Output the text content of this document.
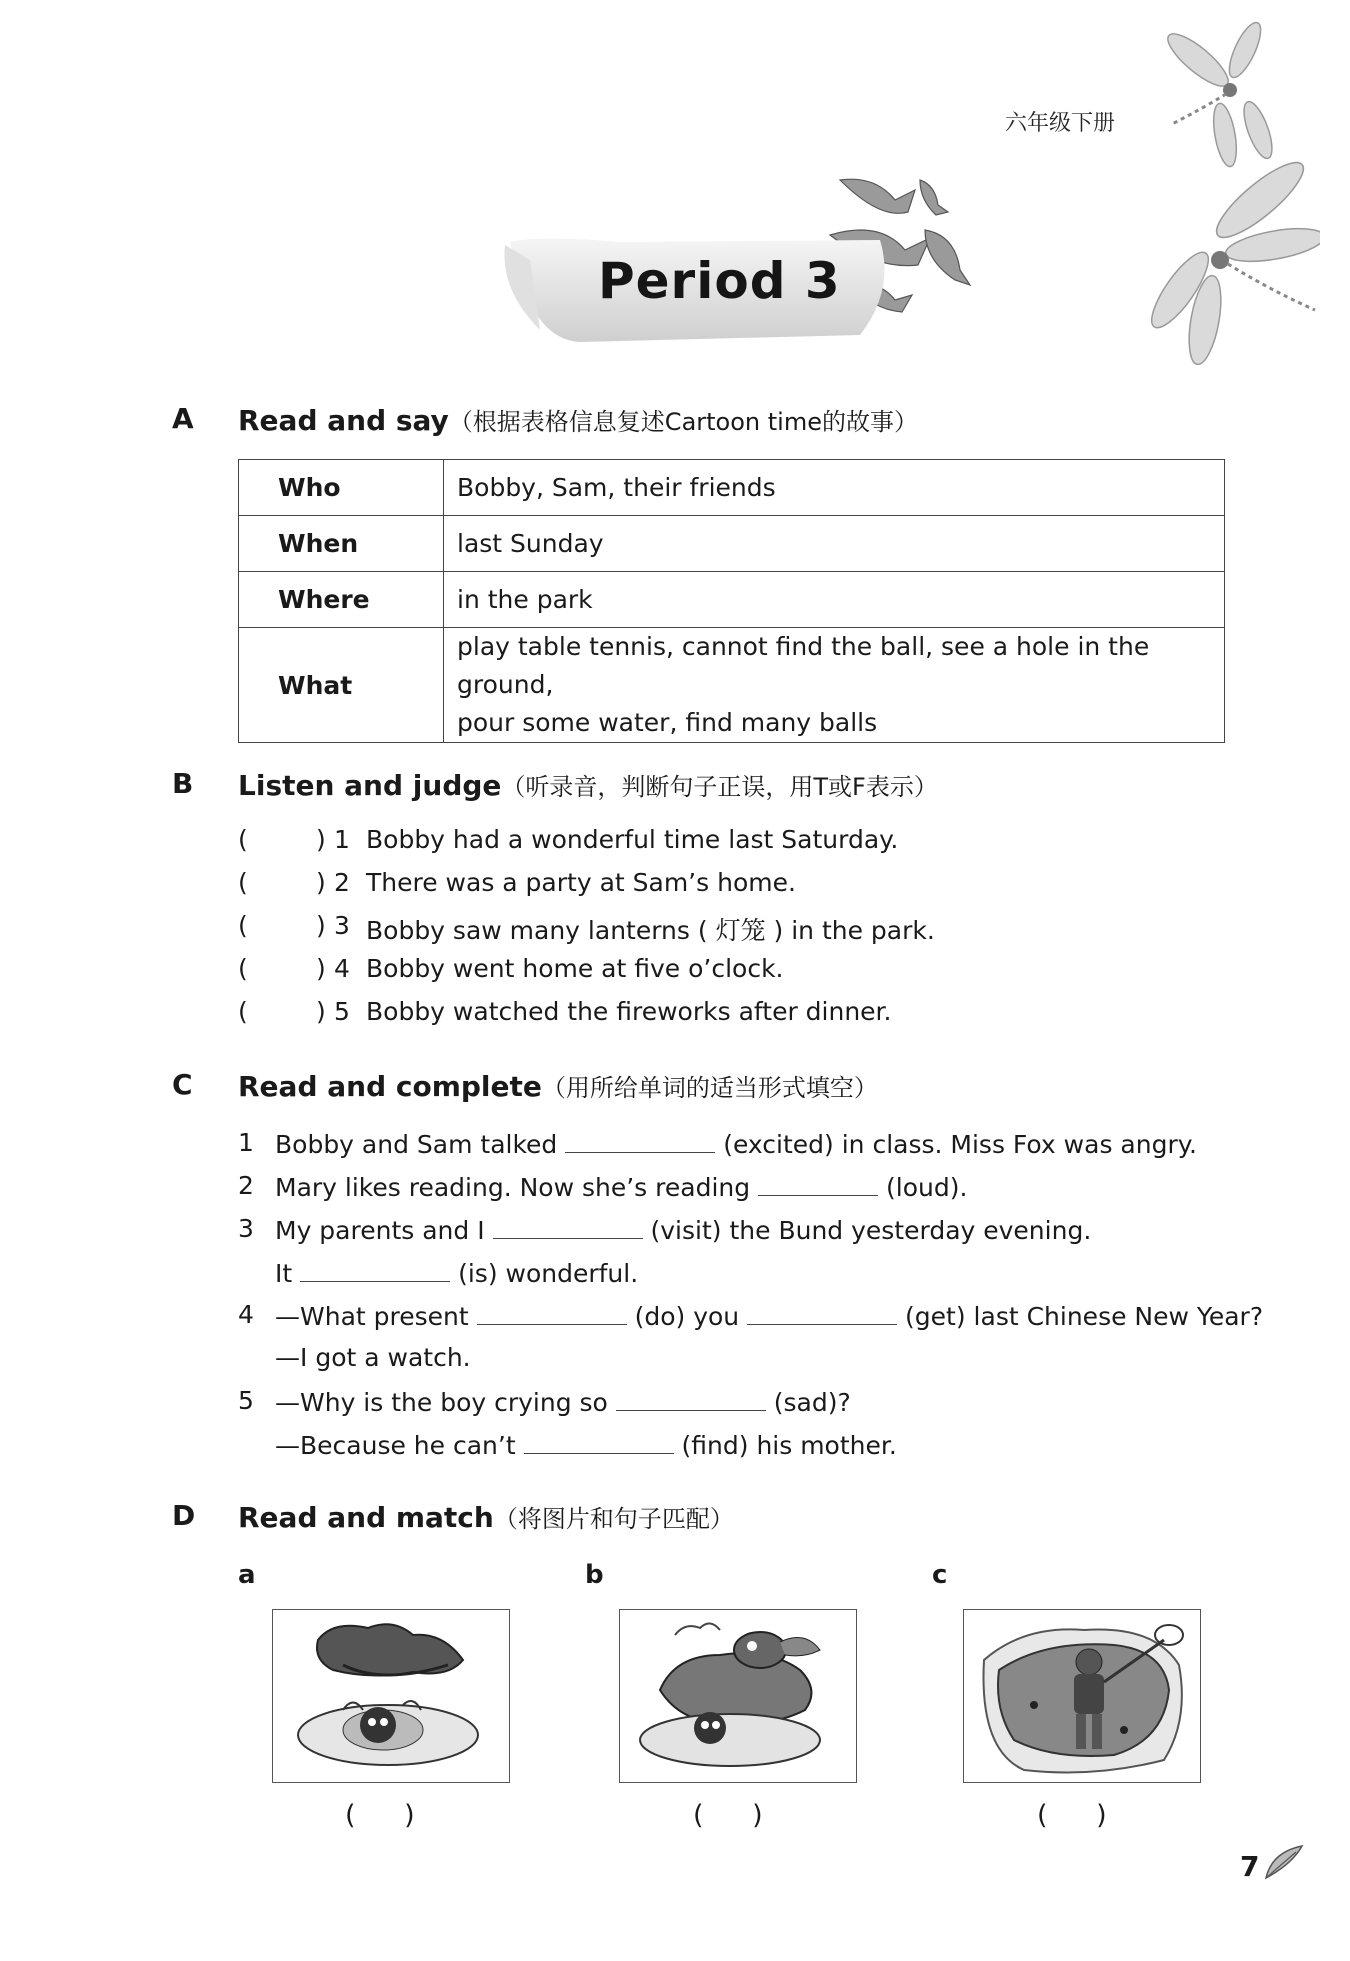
六年级下册
Period 3
A Read and say（根据表格信息复述Cartoon time的故事）
Who	Bobby, Sam, their friends
When	last Sunday
Where	in the park
What	play table tennis, cannot find the ball, see a hole in the ground,
pour some water, find many balls
B Listen and judge（听录音，判断句子正误，用T或F表示）
(	) 1 Bobby had a wonderful time last Saturday.
(	) 2 There was a party at Sam’s home.
(	) 3 Bobby saw many lanterns ( 灯笼 ) in the park.
(	) 4 Bobby went home at five o’clock.
(	) 5 Bobby watched the fireworks after dinner.
C Read and complete（用所给单词的适当形式填空）
1 Bobby and Sam talked	(excited) in class. Miss Fox was angry.
2 Mary likes reading. Now she’s reading	(loud).
3 My parents and I	(visit) the Bund yesterday evening.
It	(is) wonderful.
4 —What present	(do) you	(get) last Chinese New Year?
—I got a watch.
5 —Why is the boy crying so	(sad)?
—Because he can’t	(find) his mother.
D Read and match（将图片和句子匹配）
a	b	c
( )	( )	( )
7
